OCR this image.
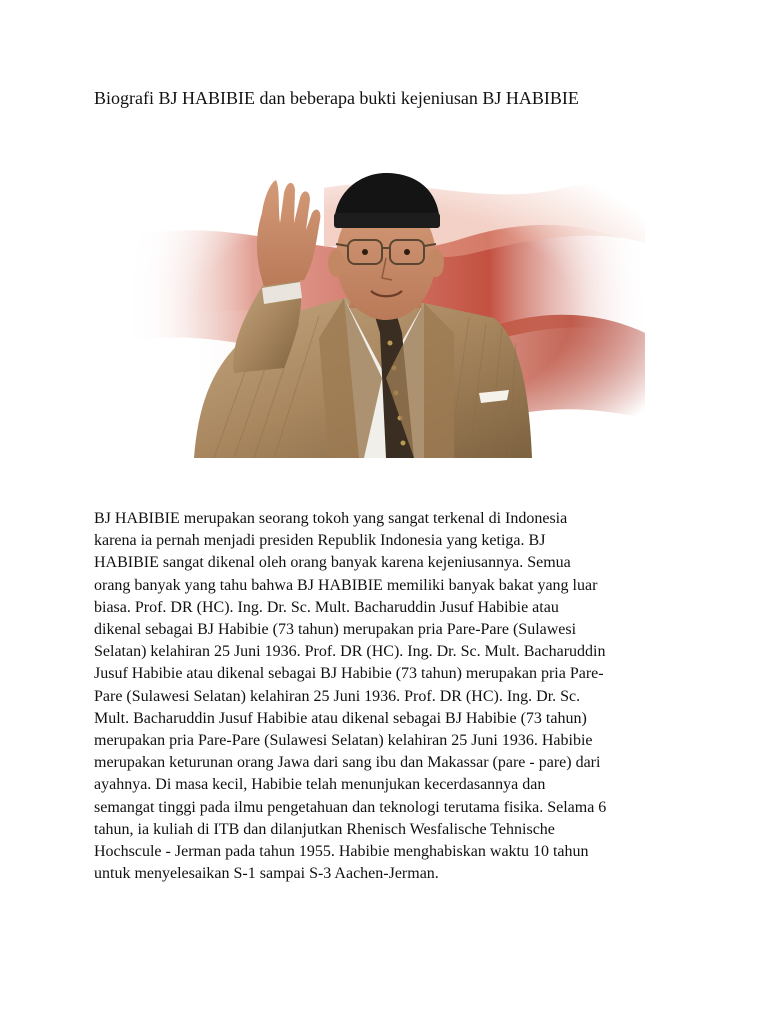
Biografi BJ HABIBIE dan beberapa bukti kejeniusan BJ HABIBIE

BJ HABIBIE merupakan seorang tokoh yang sangat terkenal di Indonesia
karena ia pernah menjadi presiden Republik Indonesia yang ketiga. BJ
HABIBIE sangat dikenal oleh orang banyak karena kejeniusannya. Semua
orang banyak yang tahu bahwa BJ HABIBIE memiliki banyak bakat yang luar
biasa. Prof. DR (HC). Ing. Dr. Sc. Mult. Bacharuddin Jusuf Habibie atau
dikenal sebagai BJ Habibie (73 tahun) merupakan pria Pare-Pare (Sulawesi
Selatan) kelahiran 25 Juni 1936. Prof. DR (HC). Ing. Dr. Sc. Mult. Bacharuddin
Jusuf Habibie atau dikenal sebagai BJ Habibie (73 tahun) merupakan pria Pare-
Pare (Sulawesi Selatan) kelahiran 25 Juni 1936. Prof. DR (HC). Ing. Dr. Sc.
Mult. Bacharuddin Jusuf Habibie atau dikenal sebagai BJ Habibie (73 tahun)
merupakan pria Pare-Pare (Sulawesi Selatan) kelahiran 25 Juni 1936. Habibie
merupakan keturunan orang Jawa dari sang ibu dan Makassar (pare - pare) dari
ayahnya. Di masa kecil, Habibie telah menunjukan kecerdasannya dan
semangat tinggi pada ilmu pengetahuan dan teknologi terutama fisika. Selama 6
tahun, ia kuliah di ITB dan dilanjutkan Rhenisch Wesfalische Tehnische
Hochscule - Jerman pada tahun 1955. Habibie menghabiskan waktu 10 tahun
untuk menyelesaikan S-1 sampai S-3 Aachen-Jerman.
